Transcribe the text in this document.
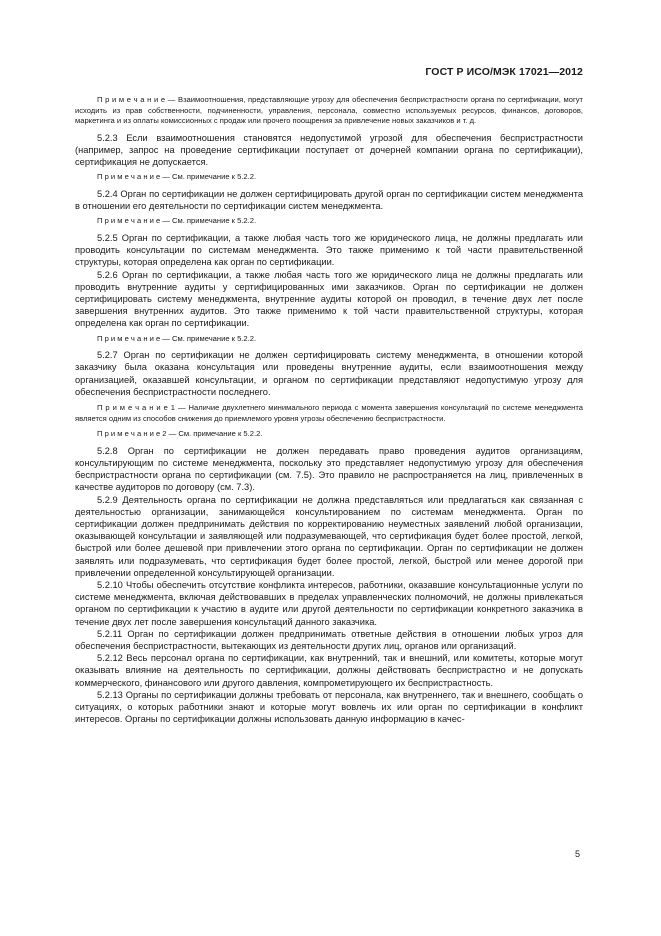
ГОСТ Р ИСО/МЭК 17021—2012

П р и м е ч а н и е — Взаимоотношения, представляющие угрозу для обеспечения беспристрастности органа по сертификации, могут исходить из прав собственности, подчиненности, управления, персонала, совместно используемых ресурсов, финансов, договоров, маркетинга и из оплаты комиссионных с продаж или прочего поощрения за привлечение новых заказчиков и т. д.

5.2.3 Если взаимоотношения становятся недопустимой угрозой для обеспечения беспристрастности (например, запрос на проведение сертификации поступает от дочерней компании органа по сертификации), сертификация не допускается.

П р и м е ч а н и е — См. примечание к 5.2.2.

5.2.4 Орган по сертификации не должен сертифицировать другой орган по сертификации систем менеджмента в отношении его деятельности по сертификации систем менеджмента.

П р и м е ч а н и е — См. примечание к 5.2.2.

5.2.5 Орган по сертификации, а также любая часть того же юридического лица, не должны предлагать или проводить консультации по системам менеджмента. Это также применимо к той части правительственной структуры, которая определена как орган по сертификации.

5.2.6 Орган по сертификации, а также любая часть того же юридического лица не должны предлагать или проводить внутренние аудиты у сертифицированных ими заказчиков. Орган по сертификации не должен сертифицировать систему менеджмента, внутренние аудиты которой он проводил, в течение двух лет после завершения внутренних аудитов. Это также применимо к той части правительственной структуры, которая определена как орган по сертификации.

П р и м е ч а н и е — См. примечание к 5.2.2.

5.2.7 Орган по сертификации не должен сертифицировать систему менеджмента, в отношении которой заказчику была оказана консультация или проведены внутренние аудиты, если взаимоотношения между организацией, оказавшей консультации, и органом по сертификации представляют недопустимую угрозу для обеспечения беспристрастности последнего.

П р и м е ч а н и е 1 — Наличие двухлетнего минимального периода с момента завершения консультаций по системе менеджмента является одним из способов снижения до приемлемого уровня угрозы обеспечению беспристрастности.

П р и м е ч а н и е 2 — См. примечание к 5.2.2.

5.2.8 Орган по сертификации не должен передавать право проведения аудитов организациям, консультирующим по системе менеджмента, поскольку это представляет недопустимую угрозу для обеспечения беспристрастности органа по сертификации (см. 7.5). Это правило не распространяется на лиц, привлеченных в качестве аудиторов по договору (см. 7.3).

5.2.9 Деятельность органа по сертификации не должна представляться или предлагаться как связанная с деятельностью организации, занимающейся консультированием по системам менеджмента. Орган по сертификации должен предпринимать действия по корректированию неуместных заявлений любой организации, оказывающей консультации и заявляющей или подразумевающей, что сертификация будет более простой, легкой, быстрой или более дешевой при привлечении этого органа по сертификации. Орган по сертификации не должен заявлять или подразумевать, что сертификация будет более простой, легкой, быстрой или менее дорогой при привлечении определенной консультирующей организации.

5.2.10 Чтобы обеспечить отсутствие конфликта интересов, работники, оказавшие консультационные услуги по системе менеджмента, включая действовавших в пределах управленческих полномочий, не должны привлекаться органом по сертификации к участию в аудите или другой деятельности по сертификации конкретного заказчика в течение двух лет после завершения консультаций данного заказчика.

5.2.11 Орган по сертификации должен предпринимать ответные действия в отношении любых угроз для обеспечения беспристрастности, вытекающих из деятельности других лиц, органов или организаций.

5.2.12 Весь персонал органа по сертификации, как внутренний, так и внешний, или комитеты, которые могут оказывать влияние на деятельность по сертификации, должны действовать беспристрастно и не допускать коммерческого, финансового или другого давления, компрометирующего их беспристрастность.

5.2.13 Органы по сертификации должны требовать от персонала, как внутреннего, так и внешнего, сообщать о ситуациях, о которых работники знают и которые могут вовлечь их или орган по сертификации в конфликт интересов. Органы по сертификации должны использовать данную информацию в качес-

5
